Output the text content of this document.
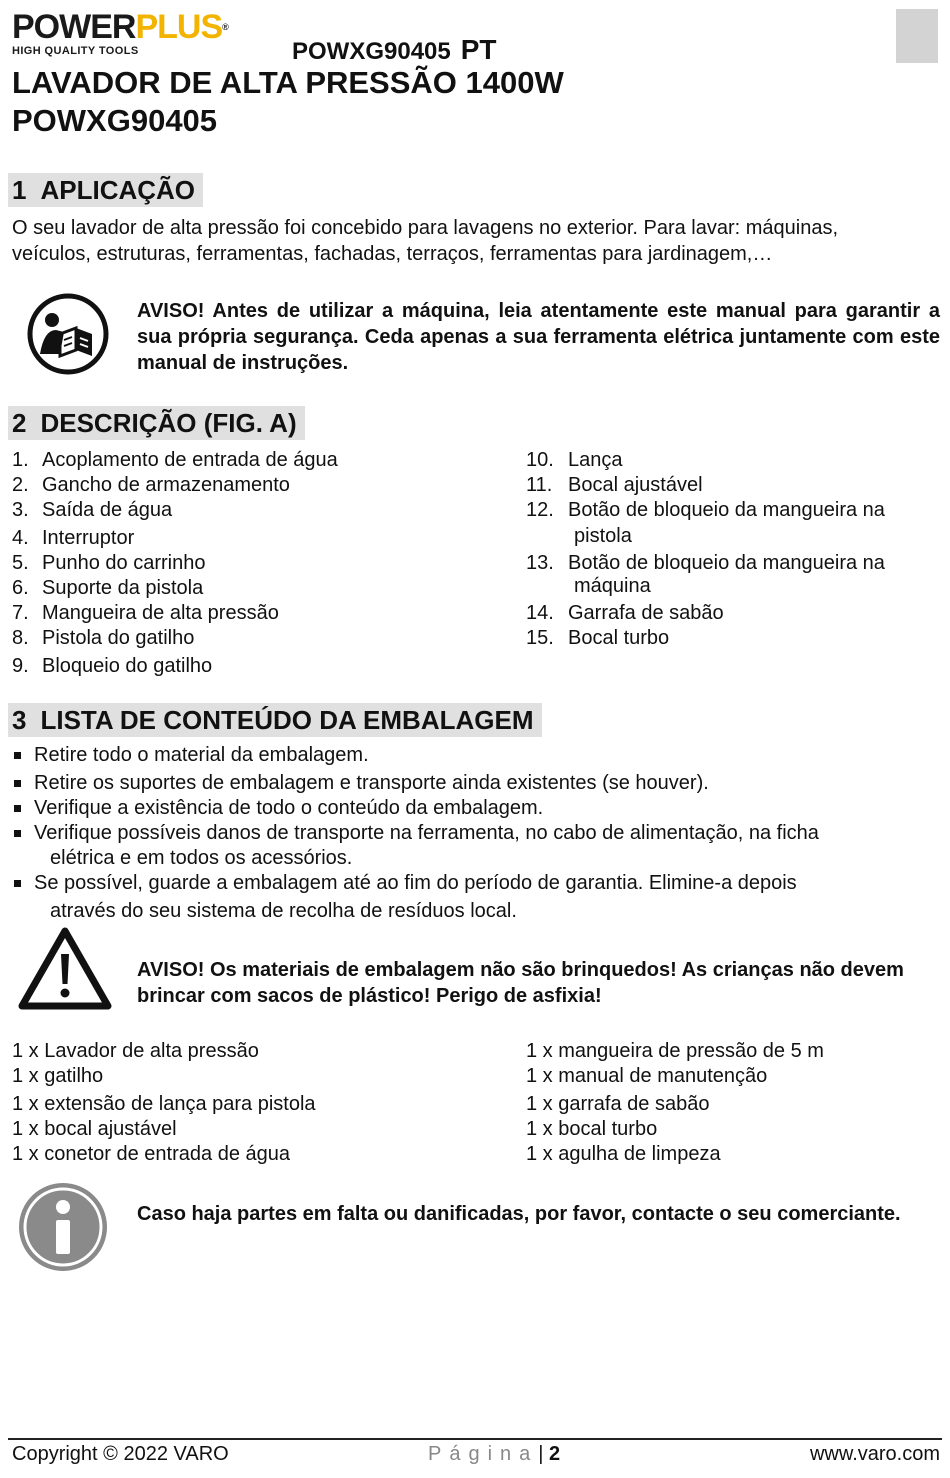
POWERPLUS®
HIGH QUALITY TOOLS	POWXG90405 PT
LAVADOR DE ALTA PRESSÃO 1400W
POWXG90405
1 APLICAÇÃO
O seu lavador de alta pressão foi concebido para lavagens no exterior. Para lavar: máquinas,
veículos, estruturas, ferramentas, fachadas, terraços, ferramentas para jardinagem,…
AVISO! Antes de utilizar a máquina, leia atentamente este manual para garantir a sua própria segurança. Ceda apenas a sua ferramenta elétrica juntamente com este manual de instruções.
2 DESCRIÇÃO (FIG. A)
1. Acoplamento de entrada de água
2. Gancho de armazenamento
3. Saída de água
4. Interruptor
5. Punho do carrinho
6. Suporte da pistola
7. Mangueira de alta pressão
8. Pistola do gatilho
9. Bloqueio do gatilho
10. Lança
11. Bocal ajustável
12. Botão de bloqueio da mangueira na
pistola
13. Botão de bloqueio da mangueira na
máquina
14. Garrafa de sabão
15. Bocal turbo
3 LISTA DE CONTEÚDO DA EMBALAGEM
Retire todo o material da embalagem.
Retire os suportes de embalagem e transporte ainda existentes (se houver).
Verifique a existência de todo o conteúdo da embalagem.
Verifique possíveis danos de transporte na ferramenta, no cabo de alimentação, na ficha
elétrica e em todos os acessórios.
Se possível, guarde a embalagem até ao fim do período de garantia. Elimine-a depois
através do seu sistema de recolha de resíduos local.
AVISO! Os materiais de embalagem não são brinquedos! As crianças não devem brincar com sacos de plástico! Perigo de asfixia!
1 x Lavador de alta pressão
1 x gatilho
1 x extensão de lança para pistola
1 x bocal ajustável
1 x conetor de entrada de água
1 x mangueira de pressão de 5 m
1 x manual de manutenção
1 x garrafa de sabão
1 x bocal turbo
1 x agulha de limpeza
Caso haja partes em falta ou danificadas, por favor, contacte o seu comerciante.
Copyright © 2022 VARO	Página| 2	www.varo.com
